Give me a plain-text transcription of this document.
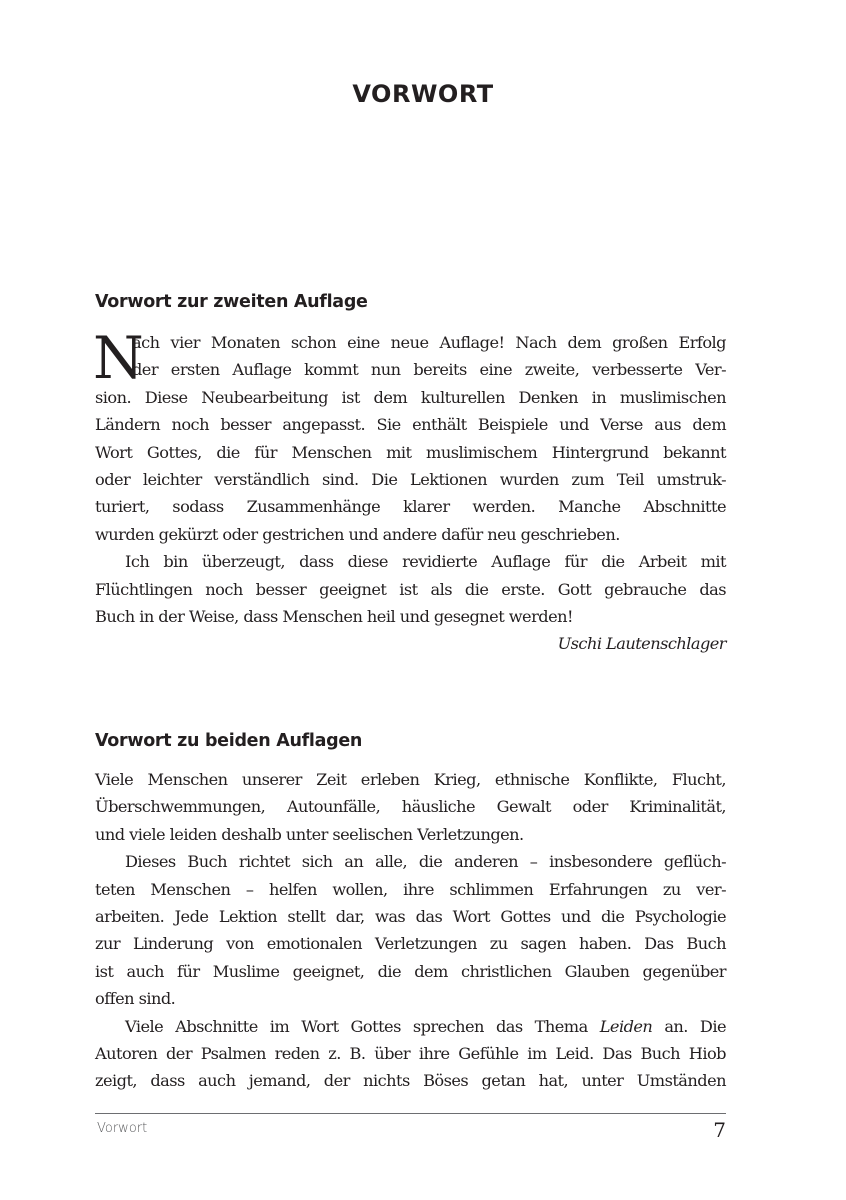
VORWORT
Vorwort zur zweiten Auflage
N
ach vier Monaten schon eine neue Auflage! Nach dem großen Erfolg
der ersten Auflage kommt nun bereits eine zweite, verbesserte Ver-
sion. Diese Neubearbeitung ist dem kulturellen Denken in muslimischen
Ländern noch besser angepasst. Sie enthält Beispiele und Verse aus dem
Wort Gottes, die für Menschen mit muslimischem Hintergrund bekannt
oder leichter verständlich sind. Die Lektionen wurden zum Teil umstruk-
turiert, sodass Zusammenhänge klarer werden. Manche Abschnitte
wurden gekürzt oder gestrichen und andere dafür neu geschrieben.
Ich bin überzeugt, dass diese revidierte Auflage für die Arbeit mit
Flüchtlingen noch besser geeignet ist als die erste. Gott gebrauche das
Buch in der Weise, dass Menschen heil und gesegnet werden!
Uschi Lautenschlager
Vorwort zu beiden Auflagen
Viele Menschen unserer Zeit erleben Krieg, ethnische Konflikte, Flucht,
Überschwemmungen, Autounfälle, häusliche Gewalt oder Kriminalität,
und viele leiden deshalb unter seelischen Verletzungen.
Dieses Buch richtet sich an alle, die anderen – insbesondere geflüch-
teten Menschen – helfen wollen, ihre schlimmen Erfahrungen zu ver-
arbeiten. Jede Lektion stellt dar, was das Wort Gottes und die Psychologie
zur Linderung von emotionalen Verletzungen zu sagen haben. Das Buch
ist auch für Muslime geeignet, die dem christlichen Glauben gegenüber
offen sind.
Viele Abschnitte im Wort Gottes sprechen das Thema Leiden an. Die
Autoren der Psalmen reden z. B. über ihre Gefühle im Leid. Das Buch Hiob
zeigt, dass auch jemand, der nichts Böses getan hat, unter Umständen
Vorwort	7
